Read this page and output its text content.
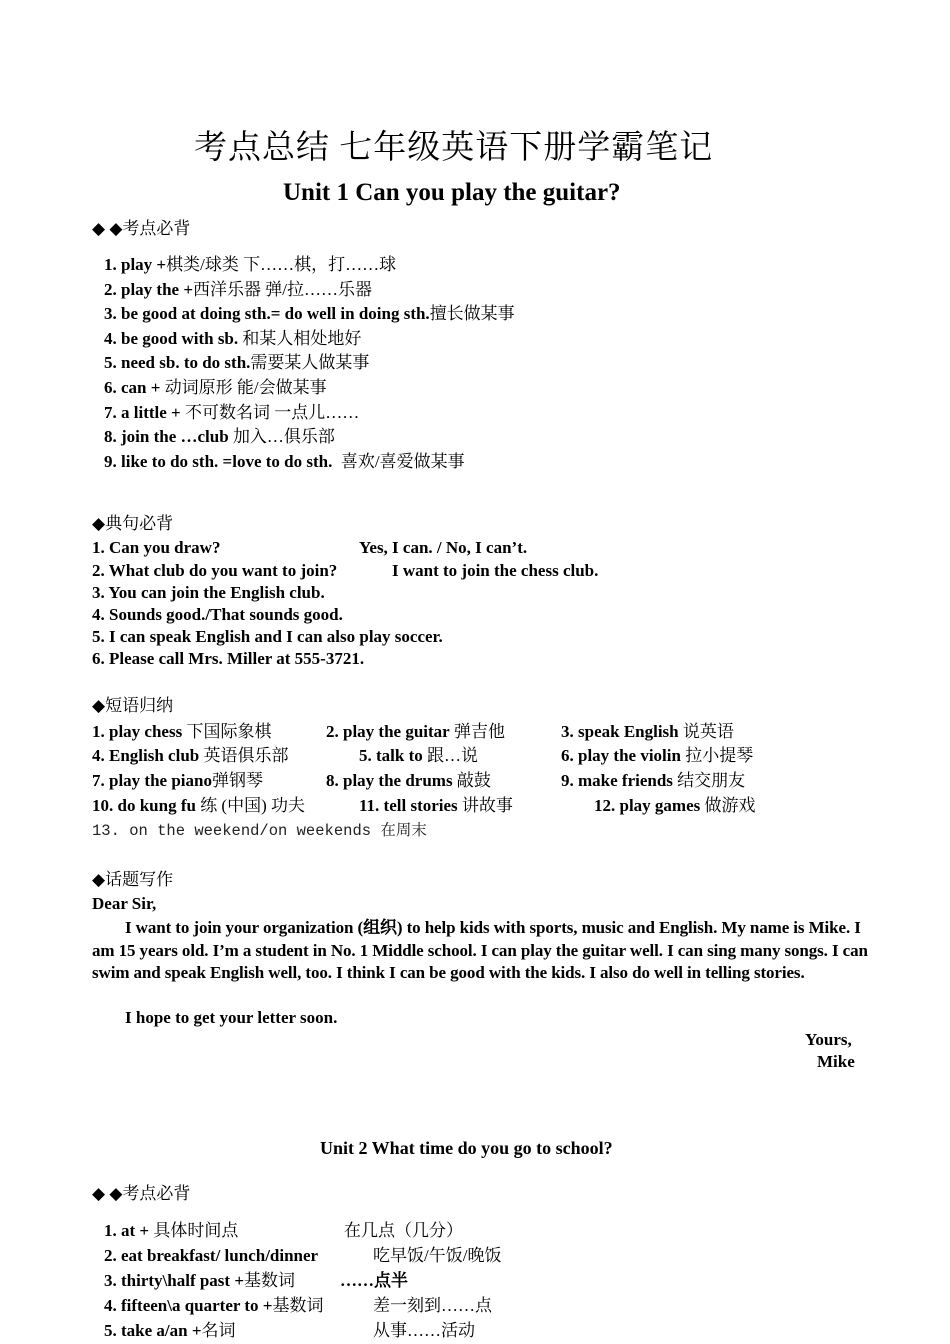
考点总结 七年级英语下册学霸笔记
Unit 1 Can you play the guitar?
◆ ◆考点必背
1. play +棋类/球类 下……棋，打……球
2. play the +西洋乐器 弹/拉……乐器
3. be good at doing sth.= do well in doing sth.擅长做某事
4. be good with sb. 和某人相处地好
5. need sb. to do sth.需要某人做某事
6. can + 动词原形 能/会做某事
7. a little + 不可数名词 一点儿……
8. join the …club 加入…俱乐部
9. like to do sth. =love to do sth. 喜欢/喜爱做某事
◆典句必背
1. Can you draw?	Yes, I can. / No, I can’t.
2. What club do you want to join?	I want to join the chess club.
3. You can join the English club.
4. Sounds good./That sounds good.
5. I can speak English and I can also play soccer.
6. Please call Mrs. Miller at 555-3721.
◆短语归纳
1. play chess 下国际象棋	2. play the guitar 弹吉他	3. speak English 说英语
4. English club 英语俱乐部	5. talk to 跟…说	6. play the violin 拉小提琴
7. play the piano弹钢琴	8. play the drums 敲鼓	9. make friends 结交朋友
10. do kung fu 练 (中国) 功夫	11. tell stories 讲故事	12. play games 做游戏
13. on the weekend/on weekends 在周末
◆话题写作
Dear Sir,
I want to join your organization (组织) to help kids with sports, music and English. My name is Mike. I am 15 years old. I’m a student in No. 1 Middle school. I can play the guitar well. I can sing many songs. I can swim and speak English well, too. I think I can be good with the kids. I also do well in telling stories.
I hope to get your letter soon.
Yours,
Mike
Unit 2 What time do you go to school?
◆ ◆考点必背
1. at + 具体时间点	在几点（几分）
2. eat breakfast/ lunch/dinner	吃早饭/午饭/晚饭
3. thirty\half past +基数词	……点半
4. fifteen\a quarter to +基数词	差一刻到……点
5. take a/an +名词	从事……活动
